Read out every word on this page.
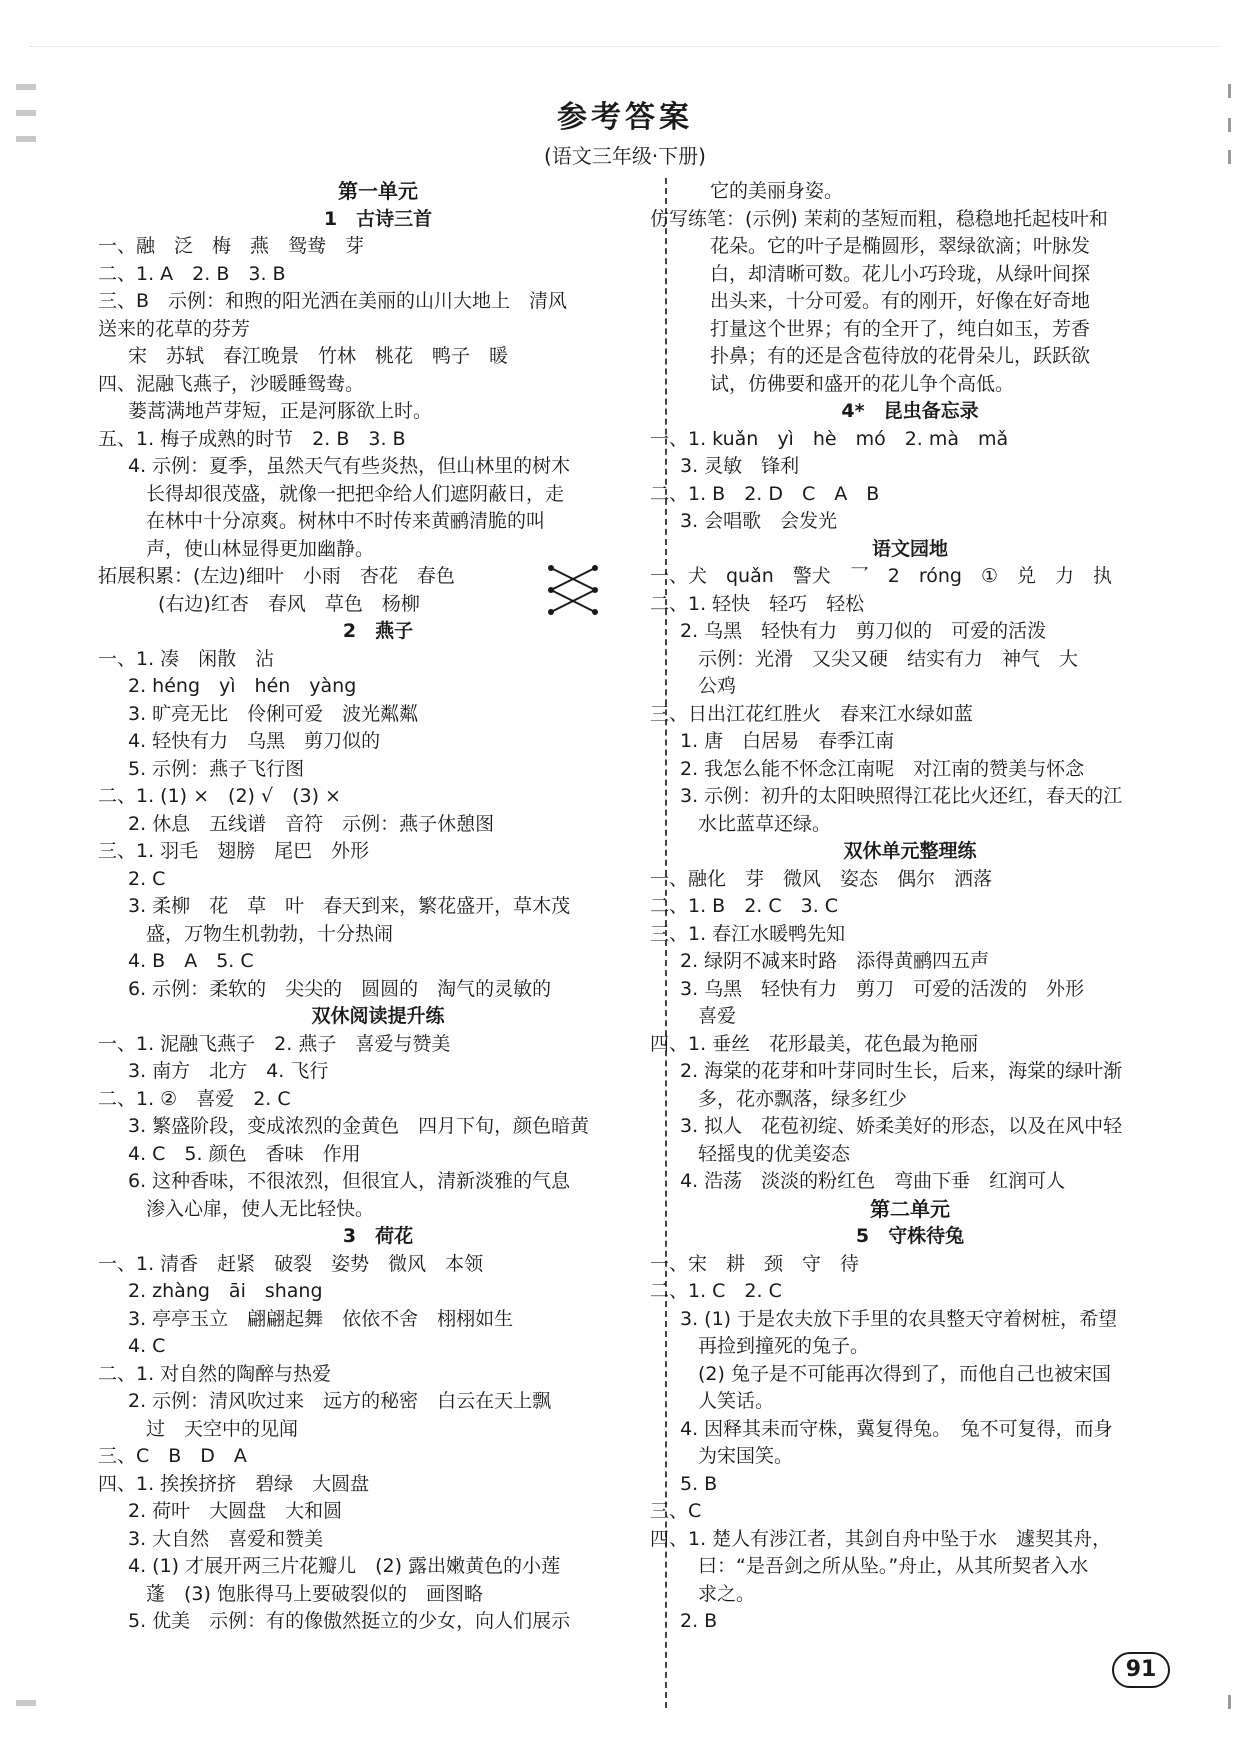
参考答案
(语文三年级·下册)
第一单元
1　古诗三首
一、融　泛　梅　燕　鸳鸯　芽
二、1. A　2. B　3. B
三、B　示例：和煦的阳光洒在美丽的山川大地上　清风
送来的花草的芬芳
宋　苏轼　春江晚景　竹林　桃花　鸭子　暖
四、泥融飞燕子，沙暖睡鸳鸯。
蒌蒿满地芦芽短，正是河豚欲上时。
五、1. 梅子成熟的时节　2. B　3. B
4. 示例：夏季，虽然天气有些炎热，但山林里的树木
长得却很茂盛，就像一把把伞给人们遮阴蔽日，走
在林中十分凉爽。树林中不时传来黄鹂清脆的叫
声，使山林显得更加幽静。
拓展积累：(左边)细叶　小雨　杏花　春色
(右边)红杏　春风　草色　杨柳
2　燕子
一、1. 凑　闲散　沾
2. héng　yì　hén　yàng
3. 旷亮无比　伶俐可爱　波光粼粼
4. 轻快有力　乌黑　剪刀似的
5. 示例：燕子飞行图
二、1. (1) ×　(2) √　(3) ×
2. 休息　五线谱　音符　示例：燕子休憩图
三、1. 羽毛　翅膀　尾巴　外形
2. C
3. 柔柳　花　草　叶　春天到来，繁花盛开，草木茂
盛，万物生机勃勃，十分热闹
4. B　A　5. C
6. 示例：柔软的　尖尖的　圆圆的　淘气的灵敏的
双休阅读提升练
一、1. 泥融飞燕子　2. 燕子　喜爱与赞美
3. 南方　北方　4. 飞行
二、1. ②　喜爱　2. C
3. 繁盛阶段，变成浓烈的金黄色　四月下旬，颜色暗黄
4. C　5. 颜色　香味　作用
6. 这种香味，不很浓烈，但很宜人，清新淡雅的气息
渗入心扉，使人无比轻快。
3　荷花
一、1. 清香　赶紧　破裂　姿势　微风　本领
2. zhàng　āi　shang
3. 亭亭玉立　翩翩起舞　依依不舍　栩栩如生
4. C
二、1. 对自然的陶醉与热爱
2. 示例：清风吹过来　远方的秘密　白云在天上飘
过　天空中的见闻
三、C　B　D　A
四、1. 挨挨挤挤　碧绿　大圆盘
2. 荷叶　大圆盘　大和圆
3. 大自然　喜爱和赞美
4. (1) 才展开两三片花瓣儿　(2) 露出嫩黄色的小莲
蓬　(3) 饱胀得马上要破裂似的　画图略
5. 优美　示例：有的像傲然挺立的少女，向人们展示
它的美丽身姿。
仿写练笔：(示例) 茉莉的茎短而粗，稳稳地托起枝叶和
花朵。它的叶子是椭圆形，翠绿欲滴；叶脉发
白，却清晰可数。花儿小巧玲珑，从绿叶间探
出头来，十分可爱。有的刚开，好像在好奇地
打量这个世界；有的全开了，纯白如玉，芳香
扑鼻；有的还是含苞待放的花骨朵儿，跃跃欲
试，仿佛要和盛开的花儿争个高低。
4*　昆虫备忘录
一、1. kuǎn　yì　hè　mó　2. mà　mǎ
3. 灵敏　锋利
二、1. B　2. D　C　A　B
3. 会唱歌　会发光
语文园地
一、犬　quǎn　警犬　乛　2　róng　①　兑　力　执
二、1. 轻快　轻巧　轻松
2. 乌黑　轻快有力　剪刀似的　可爱的活泼
示例：光滑　又尖又硬　结实有力　神气　大
公鸡
三、日出江花红胜火　春来江水绿如蓝
1. 唐　白居易　春季江南
2. 我怎么能不怀念江南呢　对江南的赞美与怀念
3. 示例：初升的太阳映照得江花比火还红，春天的江
水比蓝草还绿。
双休单元整理练
一、融化　芽　微风　姿态　偶尔　洒落
二、1. B　2. C　3. C
三、1. 春江水暖鸭先知
2. 绿阴不减来时路　添得黄鹂四五声
3. 乌黑　轻快有力　剪刀　可爱的活泼的　外形
喜爱
四、1. 垂丝　花形最美，花色最为艳丽
2. 海棠的花芽和叶芽同时生长，后来，海棠的绿叶渐
多，花亦飘落，绿多红少
3. 拟人　花苞初绽、娇柔美好的形态，以及在风中轻
轻摇曳的优美姿态
4. 浩荡　淡淡的粉红色　弯曲下垂　红润可人
第二单元
5　守株待兔
一、宋　耕　颈　守　待
二、1. C　2. C
3. (1) 于是农夫放下手里的农具整天守着树桩，希望
再捡到撞死的兔子。
(2) 兔子是不可能再次得到了，而他自己也被宋国
人笑话。
4. 因释其耒而守株，冀复得兔。　兔不可复得，而身
为宋国笑。
5. B
三、C
四、1. 楚人有涉江者，其剑自舟中坠于水　遽契其舟，
曰：“是吾剑之所从坠。”舟止，从其所契者入水
求之。
2. B
91
